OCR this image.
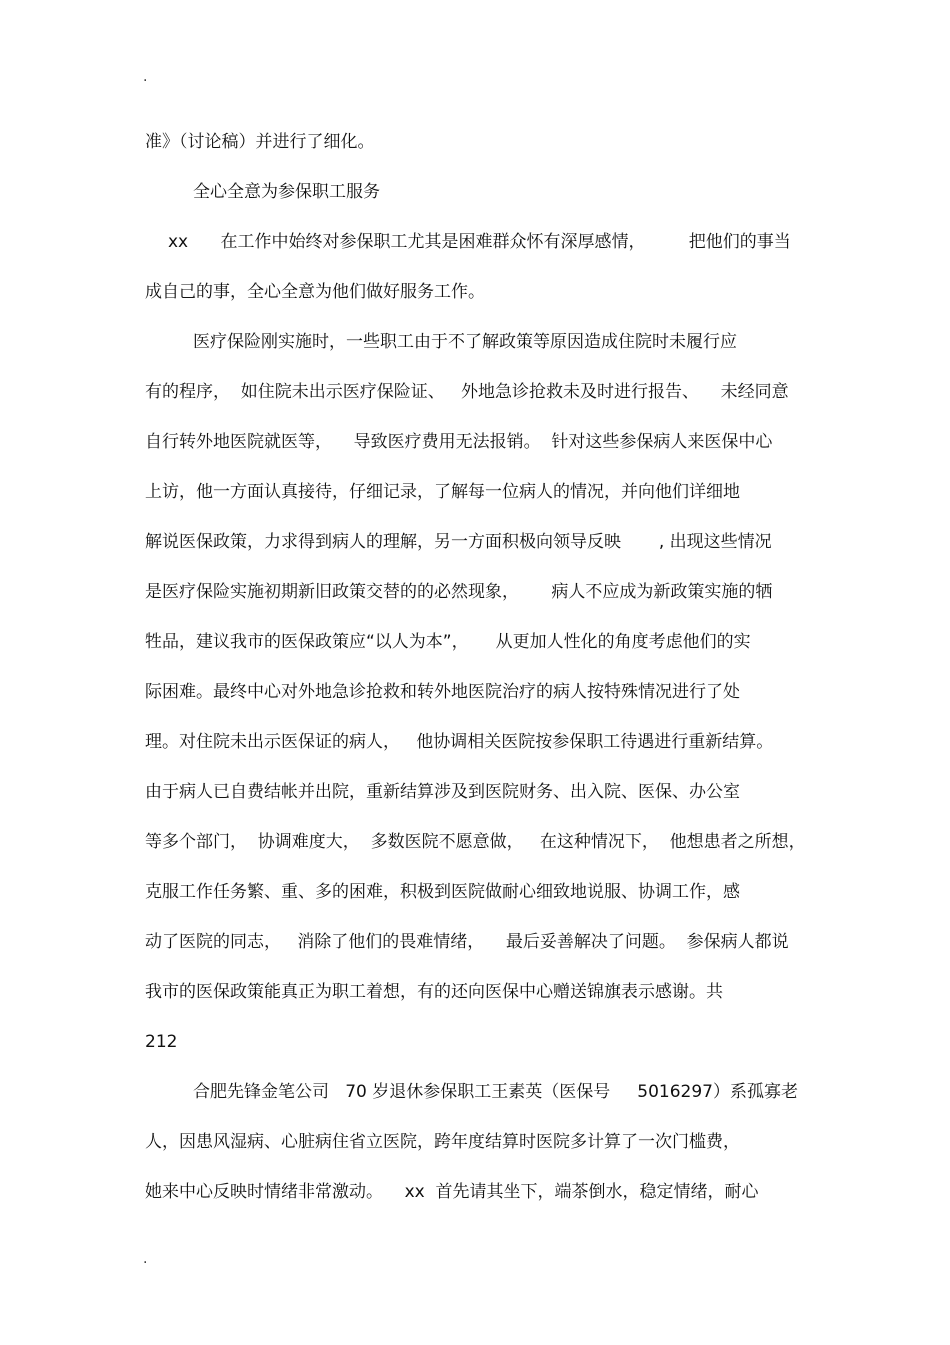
.
准》（讨论稿）并进行了细化。
全心全意为参保职工服务
xx      在工作中始终对参保职工尤其是困难群众怀有深厚感情，        把他们的事当
成自己的事，全心全意为他们做好服务工作。
医疗保险刚实施时，一些职工由于不了解政策等原因造成住院时未履行应
有的程序，  如住院未出示医疗保险证、   外地急诊抢救未及时进行报告、    未经同意
自行转外地医院就医等，    导致医疗费用无法报销。  针对这些参保病人来医保中心
上访，他一方面认真接待，仔细记录，了解每一位病人的情况，并向他们详细地
解说医保政策，力求得到病人的理解，另一方面积极向领导反映       , 出现这些情况
是医疗保险实施初期新旧政策交替的的必然现象，      病人不应成为新政策实施的牺
牲品，建议我市的医保政策应“以人为本”，     从更加人性化的角度考虑他们的实
际困难。最终中心对外地急诊抢救和转外地医院治疗的病人按特殊情况进行了处
理。对住院未出示医保证的病人，   他协调相关医院按参保职工待遇进行重新结算。
由于病人已自费结帐并出院，重新结算涉及到医院财务、出入院、医保、办公室
等多个部门，  协调难度大，  多数医院不愿意做，   在这种情况下，  他想患者之所想，
克服工作任务繁、重、多的困难，积极到医院做耐心细致地说服、协调工作，感
动了医院的同志，   消除了他们的畏难情绪，    最后妥善解决了问题。  参保病人都说
我市的医保政策能真正为职工着想，有的还向医保中心赠送锦旗表示感谢。共
212
合肥先锋金笔公司   70 岁退休参保职工王素英（医保号     5016297）系孤寡老
人，因患风湿病、心脏病住省立医院，跨年度结算时医院多计算了一次门槛费，
她来中心反映时情绪非常激动。    xx  首先请其坐下，端茶倒水，稳定情绪，耐心
.
